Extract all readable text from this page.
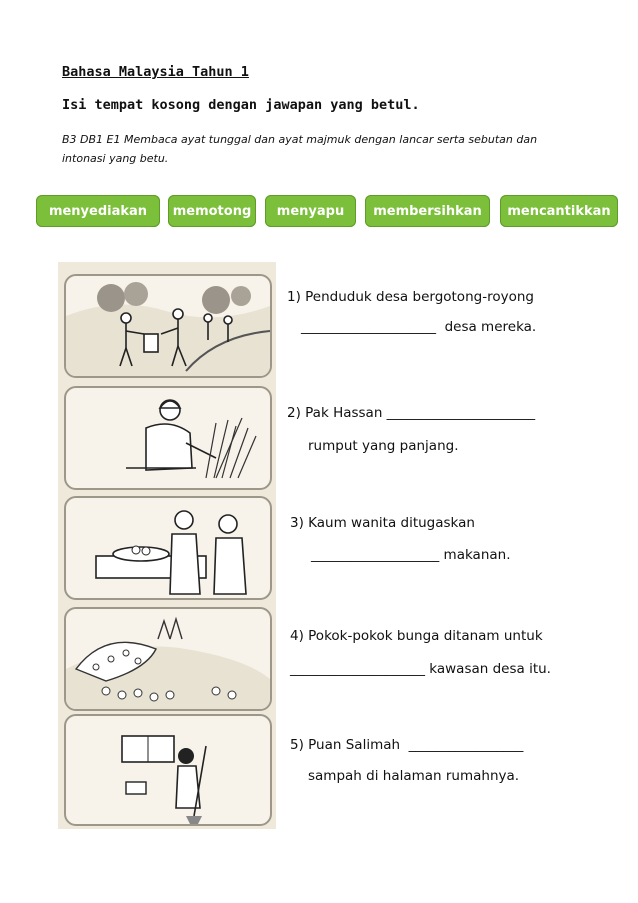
Bahasa Malaysia Tahun 1
Isi tempat kosong dengan jawapan yang betul.
B3 DB1 E1 Membaca ayat tunggal dan ayat majmuk dengan lancar serta sebutan dan intonasi yang betu.
menyediakan	memotong	menyapu	membersihkan	mencantikkan
1) Penduduk desa bergotong-royong
____________________  desa mereka.
2) Pak Hassan ______________________
rumput yang panjang.
3) Kaum wanita ditugaskan
___________________ makanan.
4) Pokok-pokok bunga ditanam untuk
____________________ kawasan desa itu.
5) Puan Salimah  _________________
sampah di halaman rumahnya.
